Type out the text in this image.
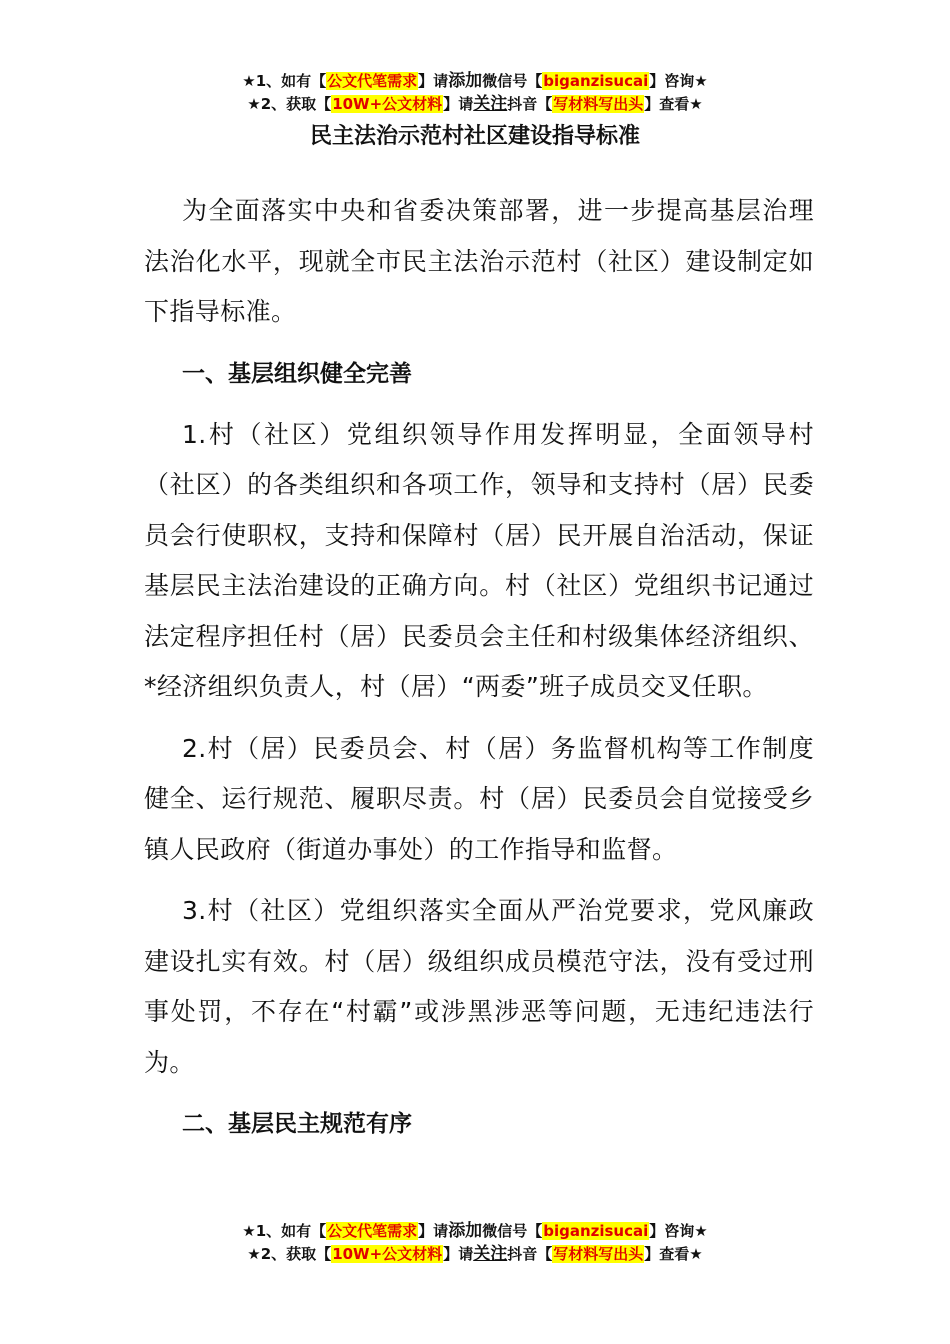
★1、如有【公文代笔需求】请添加微信号【biganzisucai】咨询★
★2、获取【10W+公文材料】请关注抖音【写材料写出头】查看★
民主法治示范村社区建设指导标准

为全面落实中央和省委决策部署，进一步提高基层治理法治化水平，现就全市民主法治示范村（社区）建设制定如下指导标准。

一、基层组织健全完善

1.村（社区）党组织领导作用发挥明显，全面领导村（社区）的各类组织和各项工作，领导和支持村（居）民委员会行使职权，支持和保障村（居）民开展自治活动，保证基层民主法治建设的正确方向。村（社区）党组织书记通过法定程序担任村（居）民委员会主任和村级集体经济组织、*经济组织负责人，村（居）“两委”班子成员交叉任职。

2.村（居）民委员会、村（居）务监督机构等工作制度健全、运行规范、履职尽责。村（居）民委员会自觉接受乡镇人民政府（街道办事处）的工作指导和监督。

3.村（社区）党组织落实全面从严治党要求，党风廉政建设扎实有效。村（居）级组织成员模范守法，没有受过刑事处罚，不存在“村霸”或涉黑涉恶等问题，无违纪违法行为。

二、基层民主规范有序

★1、如有【公文代笔需求】请添加微信号【biganzisucai】咨询★
★2、获取【10W+公文材料】请关注抖音【写材料写出头】查看★
